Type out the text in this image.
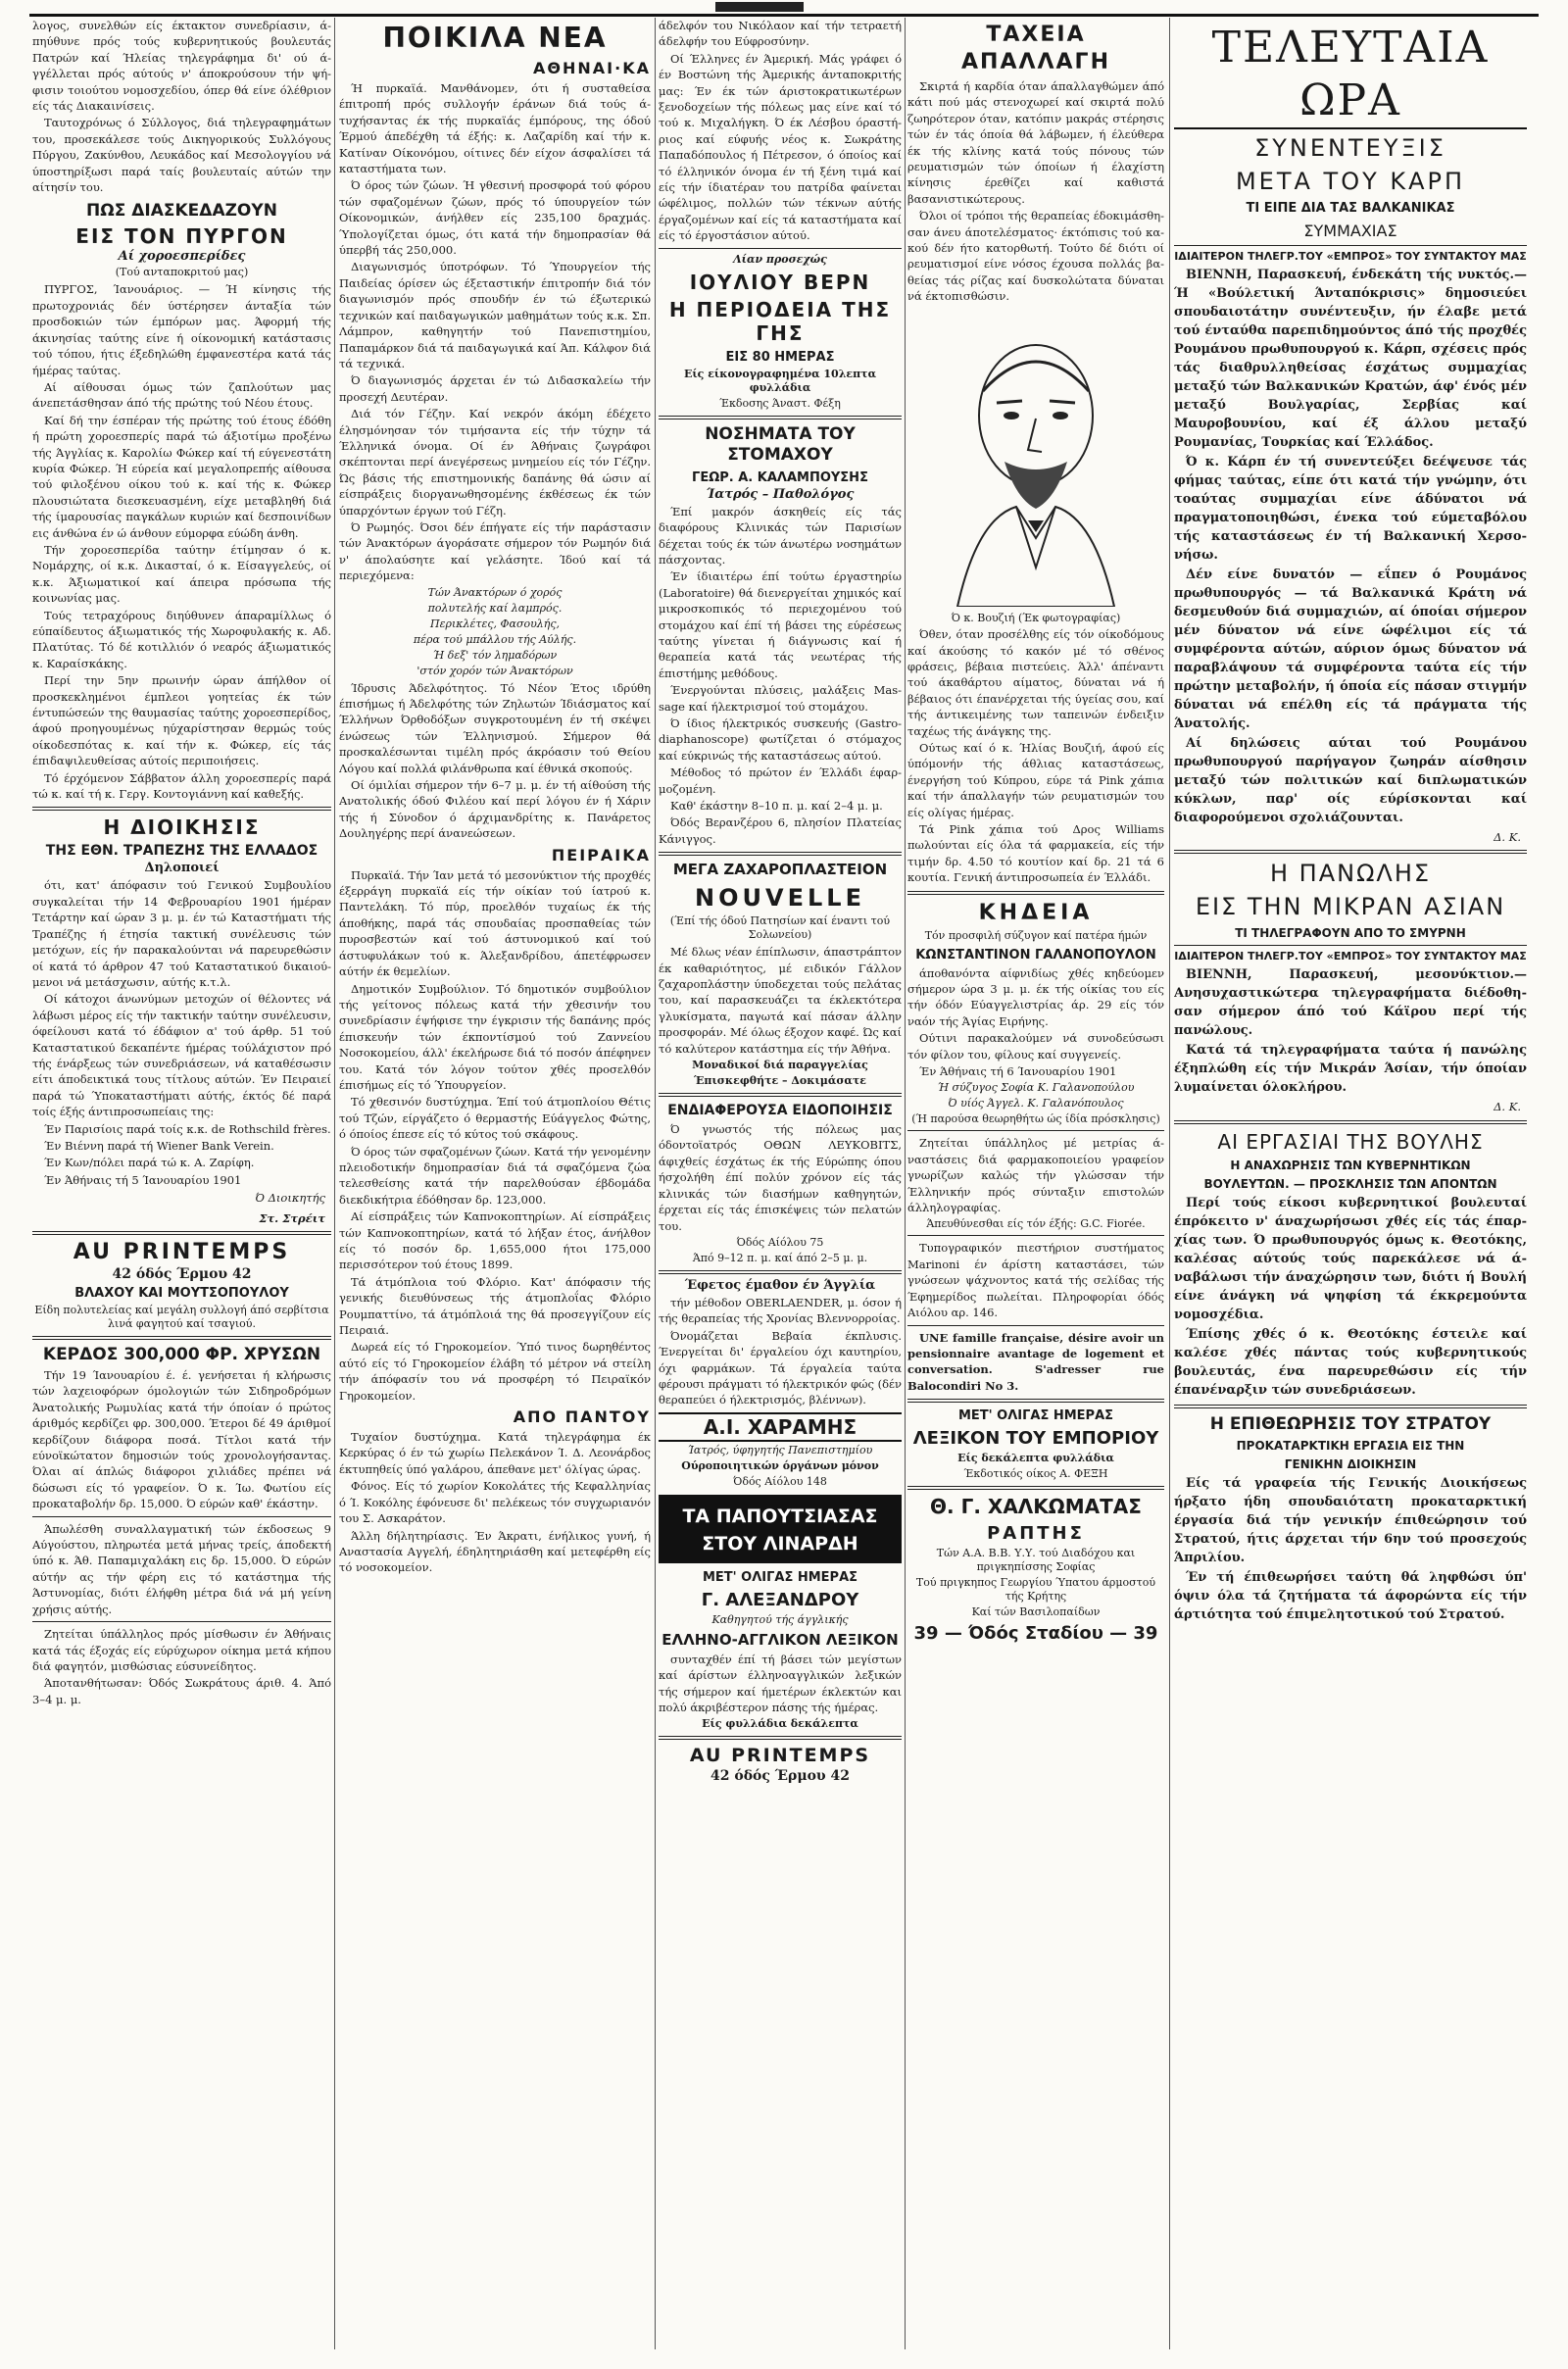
λογος, συνελθών είς έκτακτον συνεδρίασιν, άπηύθυνε πρός τούς κυβερνητικούς βουλευτάς Πατρών καί Ήλείας τηλεγράφημα δι' ού άγγέλλεται πρός αύτούς ν' άποκρούσουν τήν ψήφισιν τοιούτου νομοσχεδίου, όπερ θά είνε όλέθριον είς τάς Διακαινίσεις.

Ταυτοχρόνως ό Σύλλογος, διά τηλεγραφημάτων του, προσεκάλεσε τούς Δικηγορικούς Συλλόγους Πύργου, Ζακύνθου, Λευκάδος καί Μεσολογγίου νά ύποστηρίξωσι παρά ταίς βουλευταίς αύτών την αίτησίν του.

ΠΩΣ ΔΙΑΣΚΕΔΑΖΟΥΝ
ΕΙΣ ΤΟΝ ΠΥΡΓΟΝ
Αί χοροεσπερίδες
(Τού ανταποκριτού μας)

ΠΥΡΓΟΣ, Ίανουάριος. — Ή κίνησις τής πρωτοχρονιάς δέν ύστέρησεν άνταξία τών προσδοκιών τών έμπόρων μας. Άφορμή τής άκινησίας ταύτης είνε ή οίκονομική κατάστασις τού τόπου, ήτις έξεδηλώθη έμφανεστέρα κατά τάς ήμέρας ταύτας.

Αί αίθουσαι όμως τών ζαπλούτων μας άνεπετάσθησαν άπό τής πρώτης τού Νέου έτους.

Καί δή την έσπέραν τής πρώτης τού έτους έδόθη ή πρώτη χοροεσπερίς παρά τώ άξιοτίμω προξένω τής Άγγλίας κ. Καρολίω Φώκερ καί τή εύγενεστάτη κυρία Φώκερ. Ή εύρεία καί μεγαλοπρεπής αίθουσα τού φιλοξένου οίκου τού κ. καί τής κ. Φώκερ πλουσιώτατα διεσκευασμένη, είχε μεταβληθή διά τής ίμαρουσίας παγκάλων κυριών καί δεσποινίδων εις άνθώνα έν ώ άνθουν εύμορφα εύώδη άνθη.

Τήν χοροεσπερίδα ταύτην έτίμησαν ό κ. Νομάρχης, οί κ.κ. Δικασταί, ό κ. Είσαγγελεύς, οί κ.κ. Άξιωματικοί καί άπειρα πρόσωπα τής κοινωνίας μας.

Τούς τετραχόρους διηύθυνεν άπαραμίλλως ό εύπαίδευτος άξιωματικός τής Χωροφυλακής κ. Αδ. Πλατύτας. Τό δέ κοτιλλιόν ό νεαρός άξιωματικός κ. Καραίσκάκης.

Περί την 5ην πρωινήν ώραν άπήλθον οί προσκεκλημένοι έμπλεοι γοητείας έκ τών έντυπώσεών της θαυμασίας ταύτης χοροεσπερίδος, άφού προηγουμένως ηύχαρίστησαν θερμώς τούς οίκοδεσπότας κ. καί τήν κ. Φώκερ, είς τάς έπιδαψιλευθείσας αύτοίς περιποιήσεις.

Τό έρχόμενον Σάββατον άλλη χοροεσπερίς παρά τώ κ. καί τή κ. Γεργ. Κοντογιάννη καί καθεξής.

Η ΔΙΟΙΚΗΣΙΣ
ΤΗΣ ΕΘΝ. ΤΡΑΠΕΖΗΣ ΤΗΣ ΕΛΛΑΔΟΣ
Δηλοποιεί

ότι, κατ' άπόφασιν τού Γενικού Συμβουλίου συγκαλείται τήν 14 Φεβρουαρίου 1901 ήμέραν Τετάρτην καί ώραν 3 μ. μ. έν τώ Καταστήματι τής Τραπέζης ή έτησία τακτική συνέλευσις τών μετόχων, είς ήν παρακαλούνται νά παρευρεθώσιν οί κατά τό άρθρον 47 τού Καταστατικού δικαιούμενοι νά μετάσχωσιν, αύτής κ.τ.λ.

Οί κάτοχοι άνωνύμων μετοχών οί θέλοντες νά λάβωσι μέρος είς τήν τακτικήν ταύτην συνέλευσιν, όφείλουσι κατά τό έδάφιον α' τού άρθρ. 51 τού Καταστατικού δεκαπέντε ήμέρας τούλάχιστον πρό τής ένάρξεως τών συνεδριάσεων, νά καταθέσωσιν είτι άποδεικτικά τους τίτλους αύτών. Έν Πειραιεί παρά τώ Ύποκαταστήματι αύτής, έκτός δέ παρά τοίς έξής άντιπροσωπείαις της:

Έν Παρισίοις παρά τοίς κ.κ. de Rothschild frères.

Έν Βιέννη παρά τή Wiener Bank Verein.

Έν Κων/πόλει παρά τώ κ. Α. Ζαρίφη.

Έν Άθήναις τή 5 Ίανουαρίου 1901

Ό Διοικητής
Στ. Στρέιτ
AU PRINTEMPS
42 όδός Έρμου 42
ΒΛΑΧΟΥ ΚΑΙ ΜΟΥΤΣΟΠΟΥΛΟΥ
Είδη πολυτελείας καί μεγάλη συλλογή άπό σερβίτσια λινά φαγητού καί τσαγιού.
ΚΕΡΔΟΣ 300,000 ΦΡ. ΧΡΥΣΩΝ

Τήν 19 Ίανουαρίου έ. έ. γενήσεται ή κλήρωσις τών λαχειοφόρων όμολογιών τών Σιδηροδρόμων Άνατολικής Ρωμυλίας κατά τήν όποίαν ό πρώτος άριθμός κερδίζει φρ. 300,000. Έτεροι δέ 49 άριθμοί κερδίζουν διάφορα ποσά. Τίτλοι κατά τήν εύνοϊκώτατον δημοσιών τούς χρονολογήσαντας. Όλαι αί άπλώς διάφοροι χιλιάδες πρέπει νά δώσωσι είς τό γραφείον. Ό κ. Ίω. Φωτίου είς προκαταβολήν δρ. 15,000. Ό εύρών καθ' έκάστην.

Άπωλέσθη συναλλαγματική τών έκδοσεως 9 Αύγούστου, πληρωτέα μετά μήνας τρείς, άποδεκτή ύπό κ. Άθ. Παπαμιχαλάκη εις δρ. 15,000. Ό εύρών αύτήν ας τήν φέρη εις τό κατάστημα τής Άστυνομίας, διότι έλήφθη μέτρα διά νά μή γείνη χρήσις αύτής.

Ζητείται ύπάλληλος πρός μίσθωσιν έν Άθήναις κατά τάς έξοχάς είς εύρύχωρον οίκημα μετά κήπου διά φαγητόν, μισθώσιας εύσυνείδητος.

Άποτανθήτωσαν: Όδός Σωκράτους άριθ. 4. Άπό 3–4 μ. μ.

ΠΟΙΚΙΛΑ ΝΕΑ
ΑΘΗΝΑΙ·ΚΑ

Ή πυρκαϊά. Μανθάνομεν, ότι ή συσταθείσα έπιτροπή πρός συλλογήν έράνων διά τούς άτυχήσαντας έκ τής πυρκαϊάς έμπόρους, της όδού Έρμού άπεδέχθη τά έξής: κ. Λαζαρίδη καί τήν κ. Κατίναν Οίκονόμου, οίτινες δέν είχον άσφαλίσει τά καταστήματα των.

Ό όρος τών ζώων. Ή γθεσινή προσφορά τού φόρου τών σφαζομένων ζώων, πρός τό ύπουργείον τών Οίκονομικών, άνήλθεν είς 235,100 δραχμάς. Ύπολογίζεται όμως, ότι κατά τήν δημοπρασίαν θά ύπερβή τάς 250,000.

Διαγωνισμός ύποτρόφων. Τό Ύπουργείον τής Παιδείας όρίσεν ώς έξεταστικήν έπιτροπήν διά τόν διαγωνισμόν πρός σπουδήν έν τώ έξωτερικώ τεχνικών καί παιδαγωγικών μαθημάτων τούς κ.κ. Σπ. Λάμπρον, καθηγητήν τού Πανεπιστημίου, Παπαμάρκον διά τά παιδαγωγικά καί Άπ. Κάλφον διά τά τεχνικά.

Ό διαγωνισμός άρχεται έν τώ Διδασκαλείω τήν προσεχή Δευτέραν.

Διά τόν Γέζην. Καί νεκρόν άκόμη έδέχετο έλησμόνησαν τόν τιμήσαντα είς τήν τύχην τά Έλληνικά όνομα. Οί έν Άθήναις ζωγράφοι σκέπτονται περί άνεγέρσεως μνημείου είς τόν Γέζην. Ώς βάσις τής επιστημονικής δαπάνης θά ώσιν αί είσπράξεις διοργανωθησομένης έκθέσεως έκ τών ύπαρχόντων έργων τού Γέζη.

Ό Ρωμηός. Όσοι δέν έπήγατε είς τήν παράστασιν τών Άνακτόρων άγοράσατε σήμερον τόν Ρωμηόν διά ν' άπολαύσητε καί γελάσητε. Ίδού καί τά περιεχόμενα:

Τών Άνακτόρων ό χορός
πολυτελής καί λαμπρός.
Περικλέτες, Φασουλής,
πέρα τού μπάλλου τής Αύλής.
Ή δεξ' τόν λημαδόρων
'στόν χορόν τών Άνακτόρων

Ίδρυσις Άδελφότητος. Τό Νέον Έτος ιδρύθη έπισήμως ή Άδελφότης τών Ζηλωτών Ίδιάσματος καί Έλλήνων Όρθοδόξων συγκροτουμένη έν τή σκέψει ένώσεως τών Έλληνισμού. Σήμερον θά προσκαλέσωνται τιμέλη πρός άκρόασιν τού Θείου Λόγου καί πολλά φιλάνθρωπα καί έθνικά σκοπούς.

Οί όμιλίαι σήμερον τήν 6–7 μ. μ. έν τή αίθούση τής Ανατολικής όδού Φιλέου καί περί λόγου έν ή Χάριν τής ή Σύνοδον ό άρχιμανδρίτης κ. Πανάρετος Δουληγέρης περί άνανεώσεων.

ΠΕΙΡΑΙΚΑ

Πυρκαϊά. Τήν Ίαν μετά τό μεσονύκτιον τής προχθές έξερράγη πυρκαϊά είς τήν οίκίαν τού ίατρού κ. Παντελάκη. Τό πύρ, προελθόν τυχαίως έκ τής άποθήκης, παρά τάς σπουδαίας προσπαθείας τών πυροσβεστών καί τού άστυνομικού καί τού άστυφυλάκων τού κ. Άλεξανδρίδου, άπετέφρωσεν αύτήν έκ θεμελίων.

Δημοτικόν Συμβούλιον. Τό δημοτικόν συμβούλιον τής γείτονος πόλεως κατά τήν χθεσινήν του συνεδρίασιν έψήφισε την έγκρισιν τής δαπάνης πρός έπισκευήν τών έκποντίσμού τού Ζαννείου Νοσοκομείου, άλλ' έκελήρωσε διά τό ποσόν άπέφηνεν του. Κατά τόν λόγον τούτον χθές προσελθόν έπισήμως είς τό Ύπουργείον.

Τό χθεσινόν δυστύχημα. Έπί τού άτμοπλοίου Θέτις τού Τζών, είργάζετο ό θερμαστής Εύάγγελος Φώτης, ό όποίος έπεσε είς τό κύτος τού σκάφους.

Ό όρος τών σφαζομένων ζώων. Κατά τήν γενομένην πλειοδοτικήν δημοπρασίαν διά τά σφαζόμενα ζώα τελεσθείσης κατά τήν παρελθούσαν έβδομάδα διεκδικήτρια έδόθησαν δρ. 123,000.

Αί είσπράξεις τών Καπνοκοπτηρίων. Αί είσπράξεις τών Καπνοκοπτηρίων, κατά τό λήξαν έτος, άνήλθον είς τό ποσόν δρ. 1,655,000 ήτοι 175,000 περισσότερον τού έτους 1899.

Τά άτμόπλοια τού Φλόριο. Κατ' άπόφασιν τής γενικής διευθύνσεως τής άτμοπλοΐας Φλόριο Ρουμπαττίνο, τά άτμόπλοιά της θά προσεγγίζουν είς Πειραιά.

Δωρεά είς τό Γηροκομείον. Ύπό τινος δωρηθέντος αύτό είς τό Γηροκομείον έλάβη τό μέτρον νά στείλη τήν άπόφασίν του νά προσφέρη τό Πειραϊκόν Γηροκομείον.

ΑΠΟ ΠΑΝΤΟΥ

Τυχαίον δυστύχημα. Κατά τηλεγράφημα έκ Κερκύρας ό έν τώ χωρίω Πελεκάνον Ί. Δ. Λεονάρδος έκτυπηθείς ύπό γαλάρου, άπεθανε μετ' όλίγας ώρας.

Φόνος. Είς τό χωρίον Κοκολάτες τής Κεφαλληνίας ό Ί. Κοκόλης έφόνευσε δι' πελέκεως τόν συγχωριανόν του Σ. Ασκαράτον.

Άλλη δήλητηρίασις. Έν Άκρατι, ένήλικος γυνή, ή Αναστασία Αγγελή, έδηλητηριάσθη καί μετεφέρθη είς τό νοσοκομείον.

άδελφόν του Νικόλαον καί τήν τετραετή άδελφήν του Εύφροσύνην.

Οί Έλληνες έν Άμερική. Μάς γράφει ό έν Βοστώνη τής Άμερικής άνταποκριτής μας: Έν έκ τών άριστοκρατικωτέρων ξενοδοχείων τής πόλεως μας είνε καί τό τού κ. Μιχαλήγκη. Ό έκ Λέσβου όραστήριος καί εύφυής νέος κ. Σωκράτης Παπαδόπουλος ή Πέτρεσον, ό όποίος καί τό έλληνικόν όνομα έν τή ξένη τιμά καί είς τήν ίδιατέραν του πατρίδα φαίνεται ώφέλιμος, πολλών τών τέκνων αύτής έργαζομένων καί είς τά καταστήματα καί είς τό έργοστάσιον αύτού.

Λίαν προσεχώς
ΙΟΥΛΙΟΥ ΒΕΡΝ
Η ΠΕΡΙΟΔΕΙΑ ΤΗΣ ΓΗΣ
ΕΙΣ 80 ΗΜΕΡΑΣ
Είς είκονογραφημένα 10λεπτα φυλλάδια
Έκδοσης Άναστ. Φέξη
ΝΟΣΗΜΑΤΑ ΤΟΥ ΣΤΟΜΑΧΟΥ
ΓΕΩΡ. Α. ΚΑΛΑΜΠΟΥΣΗΣ
Ίατρός – Παθολόγος

Έπί μακρόν άσκηθείς είς τάς διαφόρους Κλινικάς τών Παρισίων δέχεται τούς έκ τών άνωτέρω νοσημάτων πάσχοντας.

Έν ίδιαιτέρω έπί τούτω έργαστηρίω (Laboratoire) θά διενεργείται χημικός καί μικροσκοπικός τό περιεχομένου τού στομάχου καί έπί τή βάσει της εύρέσεως ταύτης γίνεται ή διάγνωσις καί ή θεραπεία κατά τάς νεωτέρας τής έπιστήμης μεθόδους.

Ένεργούνται πλύσεις, μαλάξεις Massage καί ήλεκτρισμοί τού στομάχου.

Ό ίδιος ήλεκτρικός συσκευής (Gastro-diaphanoscope) φωτίζεται ό στόμαχος καί εύκρινώς τής καταστάσεως αύτού.

Μέθοδος τό πρώτον έν Έλλάδι έφαρμοζομένη.

Καθ' έκάστην 8–10 π. μ. καί 2–4 μ. μ.

Όδός Βερανζέρου 6, πλησίον Πλατείας Κάνιγγος.

ΜΕΓΑ ΖΑΧΑΡΟΠΛΑΣΤΕΙΟΝ
NOUVELLE
(Έπί τής όδού Πατησίων καί έναντι τού Σολωνείου)

Μέ δλως νέαν έπίπλωσιν, άπαστράπτον έκ καθαριότητος, μέ ειδικόν Γάλλον ζαχαροπλάστην ύποδεχεται τούς πελάτας του, καί παρασκευάζει τα έκλεκτότερα γλυκίσματα, παγωτά καί πάσαν άλλην προσφοράν. Μέ όλως έξοχον καφέ. Ώς καί τό καλύτερον κατάστημα είς τήν Άθήνα.

Μοναδικοί διά παραγγελίας
Έπισκεφθήτε – Δοκιμάσατε
ΕΝΔΙΑΦΕΡΟΥΣΑ ΕΙΔΟΠΟΙΗΣΙΣ

Ό γνωστός τής πόλεως μας όδοντοϊατρός ΟΘΩΝ ΛΕΥΚΟΒΙΤΣ, άφιχθείς έσχάτως έκ τής Εύρώπης όπου ήσχολήθη έπί πολύν χρόνον είς τάς κλινικάς τών διασήμων καθηγητών, έρχεται είς τάς έπισκέψεις τών πελατών του.

Όδός Αίόλου 75
Άπό 9–12 π. μ. καί άπό 2–5 μ. μ.
Έφετος έμαθον έν Άγγλία

τήν μέθοδον OBERLAENDER, μ. όσον ή τής θεραπείας τής Χρονίας Βλεννορροίας.

Όνομάζεται Βεβαία έκπλυσις. Ένεργείται δι' έργαλείου όχι καυτηρίου, όχι φαρμάκων. Τά έργαλεία ταύτα φέρουσι πράγματι τό ήλεκτρικόν φώς (δέν θεραπεύει ό ήλεκτρισμός, βλέννων).

Α.Ι. ΧΑΡΑΜΗΣ
Ίατρός, ύφηγητής Πανεπιστημίου
Ούροποιητικών όργάνων μόνον
Όδός Αίόλου 148
ΤΑ ΠΑΠΟΥΤΣΙΑΣΑΣ
ΣΤΟΥ ΛΙΝΑΡΔΗ
ΜΕΤ' ΟΛΙΓΑΣ ΗΜΕΡΑΣ
Γ. ΑΛΕΞΑΝΔΡΟΥ
Καθηγητού τής άγγλικής
ΕΛΛΗΝΟ-ΑΓΓΛΙΚΟΝ ΛΕΞΙΚΟΝ

συνταχθέν έπί τή βάσει τών μεγίστων καί άρίστων έλληνοαγγλικών λεξικών τής σήμερον καί ήμετέρων έκλεκτών και πολύ άκριβέστερον πάσης τής ήμέρας.

Είς φυλλάδια δεκάλεπτα
AU PRINTEMPS
42 όδός Έρμου 42
ΤΑΧΕΙΑ ΑΠΑΛΛΑΓΗ

Σκιρτά ή καρδία όταν άπαλλαγθώμεν άπό κάτι πού μάς στενοχωρεί καί σκιρτά πολύ ζωηρότερον όταν, κατόπιν μακράς στέρησις τών έν τάς όποία θά λάβωμεν, ή έλεύθερα έκ τής κλίνης κατά τούς πόνους τών ρευματισμών τών όποίων ή έλαχίστη κίνησις έρεθίζει καί καθιστά βασανιστικώτερους.

Όλοι οί τρόποι τής θεραπείας έδοκιμάσθησαν άνευ άποτελέσματος· έκτόπισις τού κακού δέν ήτο κατορθωτή. Τούτο δέ διότι οί ρευματισμοί είνε νόσος έχουσα πολλάς βαθείας τάς ρίζας καί δυσκολώτατα δύναται νά έκτοπισθώσιν.

Ό κ. Βουζιή (Έκ φωτογραφίας)

Όθεν, όταν προσέλθης είς τόν οίκοδόμους καί άκούσης τό κακόν μέ τό σθένος φράσεις, βέβαια πιστεύεις. Άλλ' άπέναντι τού άκαθάρτου αίματος, δύναται νά ή βέβαιος ότι έπανέρχεται τής ύγείας σου, καί τής άντικειμένης των ταπεινών ένδειξιν ταχέως τής άνάγκης της.

Ούτως καί ό κ. Ήλίας Βουζιή, άφού είς ύπόμονήν τής άθλιας καταστάσεως, ένεργήση τού Κύπρου, εύρε τά Pink χάπια καί τήν άπαλλαγήν τών ρευματισμών του είς ολίγας ήμέρας.

Τά Pink χάπια τού Δρος Williams πωλούνται είς όλα τά φαρμακεία, είς τήν τιμήν δρ. 4.50 τό κουτίον καί δρ. 21 τά 6 κουτία. Γενική άντιπροσωπεία έν Έλλάδι.

ΚΗΔΕΙΑ
Τόν προσφιλή σύζυγον καί πατέρα ήμών
ΚΩΝΣΤΑΝΤΙΝΟΝ ΓΑΛΑΝΟΠΟΥΛΟΝ

άποθανόντα αίφνιδίως χθές κηδεύομεν σήμερον ώρα 3 μ. μ. έκ τής οίκίας του είς τήν όδόν Εύαγγελιστρίας άρ. 29 είς τόν ναόν τής Άγίας Ειρήνης.

Ούτινι παρακαλούμεν νά συνοδεύσωσι τόν φίλον του, φίλους καί συγγενείς.

Έν Άθήναις τή 6 Ίανουαρίου 1901

Ή σύζυγος Σοφία Κ. Γαλανοπούλου
Ό υίός Άγγελ. Κ. Γαλανόπουλος
(Ή παρούσα θεωρηθήτω ώς ίδία πρόσκλησις)

Ζητείται ύπάλληλος μέ μετρίας άναστάσεις διά φαρμακοποιείου γραφείον γνωρίζων καλώς τήν γλώσσαν τήν Έλληνικήν πρός σύνταξιν επιστολών άλληλογραφίας.

Άπευθύνεσθαι είς τόν έξής: G.C. Fiorée.

Τυπογραφικόν πιεστήριον συστήματος Marinoni έν άρίστη καταστάσει, τών γνώσεων ψάχνοντος κατά τής σελίδας τής Έφημερίδος πωλείται. Πληροφορίαι όδός Αιόλου αρ. 146.

UNE famille française, désire avoir un pensionnaire avantage de logement et conversation. S'adresser rue Balocondiri No 3.

ΜΕΤ' ΟΛΙΓΑΣ ΗΜΕΡΑΣ
ΛΕΞΙΚΟΝ ΤΟΥ ΕΜΠΟΡΙΟΥ
Είς δεκάλεπτα φυλλάδια
Έκδοτικός οίκος Α. ΦΕΞΗ
Θ. Γ. ΧΑΛΚΩΜΑΤΑΣ
ΡΑΠΤΗΣ
Τών Α.Α. Β.Β. Υ.Υ. τού Διαδόχου και πριγκηπίσσης Σοφίας
Τού πριγκηπος Γεωργίου Ύπατου άρμοστού τής Κρήτης
Καί τών Βασιλοπαίδων
39 — Όδός Σταδίου — 39
ΤΕΛΕΥΤΑΙΑ ΩΡΑ
ΣΥΝΕΝΤΕΥΞΙΣ
ΜΕΤΑ ΤΟΥ ΚΑΡΠ
ΤΙ ΕΙΠΕ ΔΙΑ ΤΑΣ ΒΑΛΚΑΝΙΚΑΣ
ΣΥΜΜΑΧΙΑΣ
ΙΔΙΑΙΤΕΡΟΝ ΤΗΛΕΓΡ.ΤΟΥ «ΕΜΠΡΟΣ» ΤΟΥ ΣΥΝΤΑΚΤΟΥ ΜΑΣ

ΒΙΕΝΝΗ, Παρασκευή, ένδεκάτη τής νυκτός.— Ή «Βούλετική Άνταπόκρισις» δημοσιεύει σπουδαιοτάτην συνέντευξιν, ήν έλαβε μετά τού ένταύθα παρεπιδημούντος άπό τής προχθές Ρουμάνου πρωθυπουργού κ. Κάρπ, σχέσεις πρός τάς διαθρυλληθείσας έσχάτως συμμαχίας μεταξύ τών Βαλκανικών Κρατών, άφ' ένός μέν μεταξύ Βουλγαρίας, Σερβίας καί Μαυροβουνίου, καί έξ άλλου μεταξύ Ρουμανίας, Τουρκίας καί Έλλάδος.

Ό κ. Κάρπ έν τή συνεντεύξει δεέψευσε τάς φήμας ταύτας, είπε ότι κατά τήν γνώμην, ότι τοαύτας συμμαχίαι είνε άδύνατοι νά πραγματοποιηθώσι, ένεκα τού εύμεταβόλου τής καταστάσεως έν τή Βαλκανική Χερσονήσω.

Δέν είνε δυνατόν — εΐπεν ό Ρουμάνος πρωθυπουργός — τά Βαλκανικά Κράτη νά δεσμευθούν διά συμμαχιών, αί όποίαι σήμερον μέν δύνατον νά είνε ώφέλιμοι είς τά συμφέροντα αύτών, αύριον όμως δύνατον νά παραβλάψουν τά συμφέροντα ταύτα είς τήν πρώτην μεταβολήν, ή όποία είς πάσαν στιγμήν δύναται νά επέλθη είς τά πράγματα τής Άνατολής.

Αί δηλώσεις αύται τού Ρουμάνου πρωθυπουργού παρήγαγον ζωηράν αίσθησιν μεταξύ τών πολιτικών καί διπλωματικών κύκλων, παρ' οίς εύρίσκονται καί διαφορούμενοι σχολιάζουνται.

Δ. Κ.
Η ΠΑΝΩΛΗΣ
ΕΙΣ ΤΗΝ ΜΙΚΡΑΝ ΑΣΙΑΝ
ΤΙ ΤΗΛΕΓΡΑΦΟΥΝ ΑΠΟ ΤΟ ΣΜΥΡΝΗ
ΙΔΙΑΙΤΕΡΟΝ ΤΗΛΕΓΡ.ΤΟΥ «ΕΜΠΡΟΣ» ΤΟΥ ΣΥΝΤΑΚΤΟΥ ΜΑΣ

ΒΙΕΝΝΗ, Παρασκευή, μεσονύκτιον.— Ανησυχαστικώτερα τηλεγραφήματα διέδοθησαν σήμερον άπό τού Κάϊρου περί τής πανώλους.

Κατά τά τηλεγραφήματα ταύτα ή πανώλης έξηπλώθη είς τήν Μικράν Άσίαν, τήν όποίαν λυμαίνεται όλοκλήρου.

Δ. Κ.
ΑΙ ΕΡΓΑΣΙΑΙ ΤΗΣ ΒΟΥΛΗΣ
Η ΑΝΑΧΩΡΗΣΙΣ ΤΩΝ ΚΥΒΕΡΝΗΤΙΚΩΝ
ΒΟΥΛΕΥΤΩΝ. — ΠΡΟΣΚΛΗΣΙΣ ΤΩΝ ΑΠΟΝΤΩΝ

Περί τούς είκοσι κυβερνητικοί βουλευταί έπρόκειτο ν' άναχωρήσωσι χθές είς τάς έπαρχίας των. Ό πρωθυπουργός όμως κ. Θεοτόκης, καλέσας αύτούς τούς παρεκάλεσε νά άναβάλωσι τήν άναχώρησιν των, διότι ή Βουλή είνε άνάγκη νά ψηφίση τά έκκρεμούντα νομοσχέδια.

Έπίσης χθές ό κ. Θεοτόκης έστειλε καί καλέσε χθές πάντας τούς κυβερνητικούς βουλευτάς, ένα παρευρεθώσιν είς τήν έπανέναρξιν τών συνεδριάσεων.

Η ΕΠΙΘΕΩΡΗΣΙΣ ΤΟΥ ΣΤΡΑΤΟΥ
ΠΡΟΚΑΤΑΡΚΤΙΚΗ ΕΡΓΑΣΙΑ ΕΙΣ ΤΗΝ
ΓΕΝΙΚΗΝ ΔΙΟΙΚΗΣΙΝ

Είς τά γραφεία τής Γενικής Διοικήσεως ήρξατο ήδη σπουδαιότατη προκαταρκτική έργασία διά τήν γενικήν έπιθεώρησιν τού Στρατού, ήτις άρχεται τήν 6ην τού προσεχούς Άπριλίου.

Έν τή έπιθεωρήσει ταύτη θά ληφθώσι ύπ' όψιν όλα τά ζητήματα τά άφορώντα είς τήν άρτιότητα τού έπιμελητοτικού τού Στρατού.
